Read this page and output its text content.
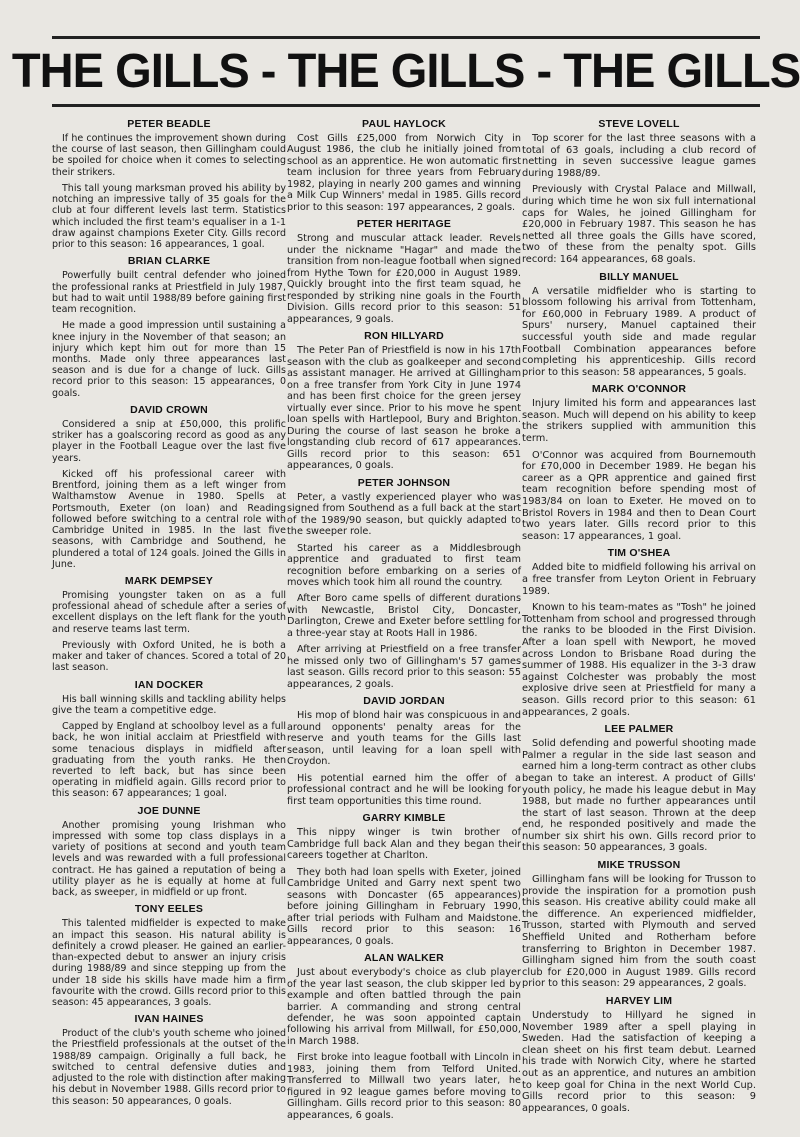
THE GILLS - THE GILLS - THE GILLS
PETER BEADLE

If he continues the improvement shown during the course of last season, then Gillingham could be spoiled for choice when it comes to selecting their strikers.

This tall young marksman proved his ability by notching an impressive tally of 35 goals for the club at four different levels last term. Statistics which included the first team's equaliser in a 1-1 draw against champions Exeter City. Gills record prior to this season: 16 appearances, 1 goal.

BRIAN CLARKE

Powerfully built central defender who joined the professional ranks at Priestfield in July 1987, but had to wait until 1988/89 before gaining first team recognition.

He made a good impression until sustaining a knee injury in the November of that season; an injury which kept him out for more than 15 months. Made only three appearances last season and is due for a change of luck. Gills record prior to this season: 15 appearances, 0 goals.

DAVID CROWN

Considered a snip at £50,000, this prolific striker has a goalscoring record as good as any player in the Football League over the last five years.

Kicked off his professional career with Brentford, joining them as a left winger from Walthamstow Avenue in 1980. Spells at Portsmouth, Exeter (on loan) and Reading followed before switching to a central role with Cambridge United in 1985. In the last five seasons, with Cambridge and Southend, he plundered a total of 124 goals. Joined the Gills in June.

MARK DEMPSEY

Promising youngster taken on as a full professional ahead of schedule after a series of excellent displays on the left flank for the youth and reserve teams last term.

Previously with Oxford United, he is both a maker and taker of chances. Scored a total of 20 last season.

IAN DOCKER

His ball winning skills and tackling ability helps give the team a competitive edge.

Capped by England at schoolboy level as a full back, he won initial acclaim at Priestfield with some tenacious displays in midfield after graduating from the youth ranks. He then reverted to left back, but has since been operating in midfield again. Gills record prior to this season: 67 appearances; 1 goal.

JOE DUNNE

Another promising young Irishman who impressed with some top class displays in a variety of positions at second and youth team levels and was rewarded with a full professional contract. He has gained a reputation of being a utility player as he is equally at home at full back, as sweeper, in midfield or up front.

TONY EELES

This talented midfielder is expected to make an impact this season. His natural ability is definitely a crowd pleaser. He gained an earlier-than-expected debut to answer an injury crisis during 1988/89 and since stepping up from the under 18 side his skills have made him a firm favourite with the crowd. Gills record prior to this season: 45 appearances, 3 goals.

IVAN HAINES

Product of the club's youth scheme who joined the Priestfield professionals at the outset of the 1988/89 campaign. Originally a full back, he switched to central defensive duties and adjusted to the role with distinction after making his debut in November 1988. Gills record prior to this season: 50 appearances, 0 goals.

PAUL HAYLOCK

Cost Gills £25,000 from Norwich City in August 1986, the club he initially joined from school as an apprentice. He won automatic first team inclusion for three years from February 1982, playing in nearly 200 games and winning a Milk Cup Winners' medal in 1985. Gills record prior to this season: 197 appearances, 2 goals.

PETER HERITAGE

Strong and muscular attack leader. Revels under the nickname "Hagar" and made the transition from non-league football when signed from Hythe Town for £20,000 in August 1989. Quickly brought into the first team squad, he responded by striking nine goals in the Fourth Division. Gills record prior to this season: 51 appearances, 9 goals.

RON HILLYARD

The Peter Pan of Priestfield is now in his 17th season with the club as goalkeeper and second as assistant manager. He arrived at Gillingham on a free transfer from York City in June 1974 and has been first choice for the green jersey virtually ever since. Prior to his move he spent loan spells with Hartlepool, Bury and Brighton. During the course of last season he broke a longstanding club record of 617 appearances. Gills record prior to this season: 651 appearances, 0 goals.

PETER JOHNSON

Peter, a vastly experienced player who was signed from Southend as a full back at the start of the 1989/90 season, but quickly adapted to the sweeper role.

Started his career as a Middlesbrough apprentice and graduated to first team recognition before embarking on a series of moves which took him all round the country.

After Boro came spells of different durations with Newcastle, Bristol City, Doncaster, Darlington, Crewe and Exeter before settling for a three-year stay at Roots Hall in 1986.

After arriving at Priestfield on a free transfer he missed only two of Gillingham's 57 games last season. Gills record prior to this season: 55 appearances, 2 goals.

DAVID JORDAN

His mop of blond hair was conspicuous in and around opponents' penalty areas for the reserve and youth teams for the Gills last season, until leaving for a loan spell with Croydon.

His potential earned him the offer of a professional contract and he will be looking for first team opportunities this time round.

GARRY KIMBLE

This nippy winger is twin brother of Cambridge full back Alan and they began their careers together at Charlton.

They both had loan spells with Exeter, joined Cambridge United and Garry next spent two seasons with Doncaster (65 appearances) before joining Gillingham in February 1990, after trial periods with Fulham and Maidstone. Gills record prior to this season: 16 appearances, 0 goals.

ALAN WALKER

Just about everybody's choice as club player of the year last season, the club skipper led by example and often battled through the pain barrier. A commanding and strong central defender, he was soon appointed captain following his arrival from Millwall, for £50,000, in March 1988.

First broke into league football with Lincoln in 1983, joining them from Telford United. Transferred to Millwall two years later, he figured in 92 league games before moving to Gillingham. Gills record prior to this season: 80 appearances, 6 goals.

STEVE LOVELL

Top scorer for the last three seasons with a total of 63 goals, including a club record of netting in seven successive league games during 1988/89.

Previously with Crystal Palace and Millwall, during which time he won six full international caps for Wales, he joined Gillingham for £20,000 in February 1987. This season he has netted all three goals the Gills have scored, two of these from the penalty spot. Gills record: 164 appearances, 68 goals.

BILLY MANUEL

A versatile midfielder who is starting to blossom following his arrival from Tottenham, for £60,000 in February 1989. A product of Spurs' nursery, Manuel captained their successful youth side and made regular Football Combination appearances before completing his apprenticeship. Gills record prior to this season: 58 appearances, 5 goals.

MARK O'CONNOR

Injury limited his form and appearances last season. Much will depend on his ability to keep the strikers supplied with ammunition this term.

O'Connor was acquired from Bournemouth for £70,000 in December 1989. He began his career as a QPR apprentice and gained first team recognition before spending most of 1983/84 on loan to Exeter. He moved on to Bristol Rovers in 1984 and then to Dean Court two years later. Gills record prior to this season: 17 appearances, 1 goal.

TIM O'SHEA

Added bite to midfield following his arrival on a free transfer from Leyton Orient in February 1989.

Known to his team-mates as "Tosh" he joined Tottenham from school and progressed through the ranks to be blooded in the First Division. After a loan spell with Newport, he moved across London to Brisbane Road during the summer of 1988. His equalizer in the 3-3 draw against Colchester was probably the most explosive drive seen at Priestfield for many a season. Gills record prior to this season: 61 appearances, 2 goals.

LEE PALMER

Solid defending and powerful shooting made Palmer a regular in the side last season and earned him a long-term contract as other clubs began to take an interest. A product of Gills' youth policy, he made his league debut in May 1988, but made no further appearances until the start of last season. Thrown at the deep end, he responded positively and made the number six shirt his own. Gills record prior to this season: 50 appearances, 3 goals.

MIKE TRUSSON

Gillingham fans will be looking for Trusson to provide the inspiration for a promotion push this season. His creative ability could make all the difference. An experienced midfielder, Trusson, started with Plymouth and served Sheffield United and Rotherham before transferring to Brighton in December 1987. Gillingham signed him from the south coast club for £20,000 in August 1989. Gills record prior to this season: 29 appearances, 2 goals.

HARVEY LIM

Understudy to Hillyard he signed in November 1989 after a spell playing in Sweden. Had the satisfaction of keeping a clean sheet on his first team debut. Learned his trade with Norwich City, where he started out as an apprentice, and nutures an ambition to keep goal for China in the next World Cup. Gills record prior to this season: 9 appearances, 0 goals.
